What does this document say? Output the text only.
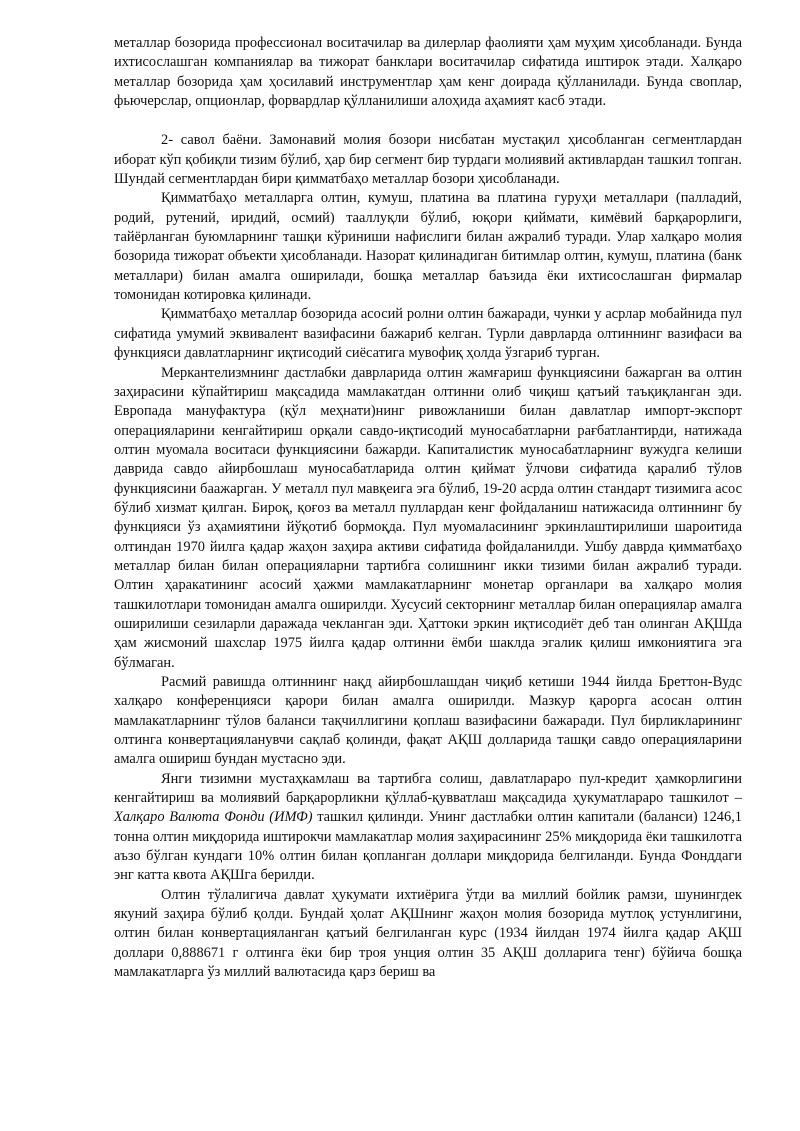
металлар бозорида профессионал воситачилар ва дилерлар фаолияти ҳам муҳим ҳисобланади. Бунда ихтисослашган компаниялар ва тижорат банклари воситачилар сифатида иштирок этади. Халқаро металлар бозорида ҳам ҳосилавий инструментлар ҳам кенг доирада қўлланилади. Бунда своплар, фьючерслар, опционлар, форвардлар қўлланилиши алоҳида аҳамият касб этади.

2- савол баёни. Замонавий молия бозори нисбатан мустақил ҳисобланган сегментлардан иборат кўп қобиқли тизим бўлиб, ҳар бир сегмент бир турдаги молиявий активлардан ташкил топган. Шундай сегментлардан бири қимматбаҳо металлар бозори ҳисобланади.

Қимматбаҳо металларга олтин, кумуш, платина ва платина гуруҳи металлари (палладий, родий, рутений, иридий, осмий) тааллуқли бўлиб, юқори қиймати, кимёвий барқарорлиги, тайёрланган буюмларнинг ташқи кўриниши нафислиги билан ажралиб туради. Улар халқаро молия бозорида тижорат объекти ҳисобланади. Назорат қилинадиган битимлар олтин, кумуш, платина (банк металлари) билан амалга оширилади, бошқа металлар баъзида ёки ихтисослашган фирмалар томонидан котировка қилинади.

Қимматбаҳо металлар бозорида асосий ролни олтин бажаради, чунки у асрлар мобайнида пул сифатида умумий эквивалент вазифасини бажариб келган. Турли даврларда олтиннинг вазифаси ва функцияси давлатларнинг иқтисодий сиёсатига мувофиқ ҳолда ўзгариб турган.

Меркантелизмнинг дастлабки даврларида олтин жамғариш функциясини бажарган ва олтин заҳирасини кўпайтириш мақсадида мамлакатдан олтинни олиб чиқиш қатъий таъқиқланган эди. Европада мануфактура (қўл меҳнати)нинг ривожланиши билан давлатлар импорт-экспорт операцияларини кенгайтириш орқали савдо-иқтисодий муносабатларни рағбатлантирди, натижада олтин муомала воситаси функциясини бажарди. Капиталистик муносабатларнинг вужудга келиши даврида савдо айирбошлаш муносабатларида олтин қиймат ўлчови сифатида қаралиб тўлов функциясини баажарган. У металл пул мавқеига эга бўлиб, 19-20 асрда олтин стандарт тизимига асос бўлиб хизмат қилган. Бироқ, қоғоз ва металл пуллардан кенг фойдаланиш натижасида олтиннинг бу функцияси ўз аҳамиятини йўқотиб бормоқда. Пул муомаласининг эркинлаштирилиши шароитида олтиндан 1970 йилга қадар жаҳон заҳира активи сифатида фойдаланилди. Ушбу даврда қимматбаҳо металлар билан билан операцияларни тартибга солишнинг икки тизими билан ажралиб туради. Олтин ҳаракатининг асосий ҳажми мамлакатларнинг монетар органлари ва халқаро молия ташкилотлари томонидан амалга оширилди. Хусусий секторнинг металлар билан операциялар амалга оширилиши сезиларли даражада чекланган эди. Ҳаттоки эркин иқтисодиёт деб тан олинган АҚШда ҳам жисмоний шахслар 1975 йилга қадар олтинни ёмби шаклда эгалик қилиш имкониятига эга бўлмаган.

Расмий равишда олтиннинг нақд айирбошлашдан чиқиб кетиши 1944 йилда Бреттон-Вудс халқаро конференцияси қарори билан амалга оширилди. Мазкур қарорга асосан олтин мамлакатларнинг тўлов баланси тақчиллигини қоплаш вазифасини бажаради. Пул бирликларининг олтинга конвертацияланувчи сақлаб қолинди, фақат АҚШ долларида ташқи савдо операцияларини амалга ошириш бундан мустасно эди.

Янги тизимни мустаҳкамлаш ва тартибга солиш, давлатлараро пул-кредит ҳамкорлигини кенгайтириш ва молиявий барқарорликни қўллаб-қувватлаш мақсадида ҳукуматлараро ташкилот – Халқаро Валюта Фонди (ИМФ) ташкил қилинди. Унинг дастлабки олтин капитали (баланси) 1246,1 тонна олтин миқдорида иштирокчи мамлакатлар молия заҳирасининг 25% миқдорида ёки ташкилотга аъзо бўлган кундаги 10% олтин билан қопланган доллари миқдорида белгиланди. Бунда Фонддаги энг катта квота АҚШга берилди.

Олтин тўлалигича давлат ҳукумати ихтиёрига ўтди ва миллий бойлик рамзи, шунингдек якуний заҳира бўлиб қолди. Бундай ҳолат АҚШнинг жаҳон молия бозорида мутлоқ устунлигини, олтин билан конвертацияланган қатъий белгиланган курс (1934 йилдан 1974 йилга қадар АҚШ доллари 0,888671 г олтинга ёки бир троя унция олтин 35 АҚШ долларига тенг) бўйича бошқа мамлакатларга ўз миллий валютасида қарз бериш ва
